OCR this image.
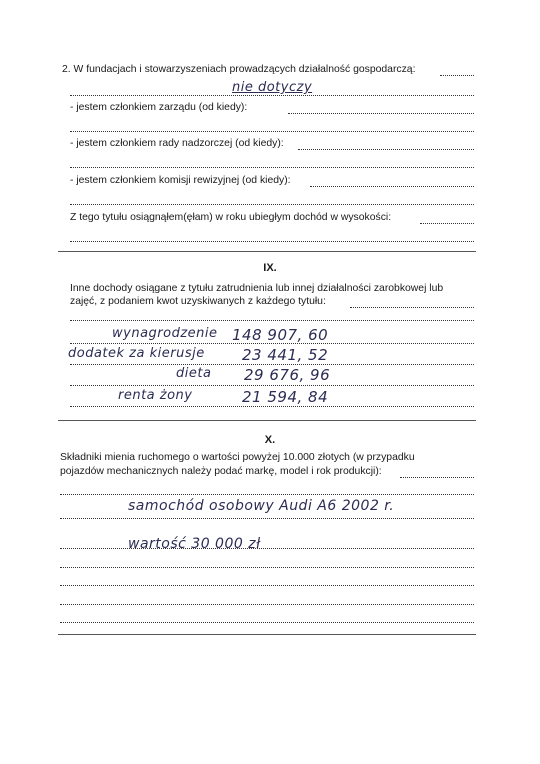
2. W fundacjach i stowarzyszeniach prowadzących działalność gospodarczą:
nie dotyczy
- jestem członkiem zarządu (od kiedy):
- jestem członkiem rady nadzorczej (od kiedy):
- jestem członkiem komisji rewizyjnej (od kiedy):
Z tego tytułu osiągnąłem(ęłam) w roku ubiegłym dochód w wysokości:
IX.
Inne dochody osiągane z tytułu zatrudnienia lub innej działalności zarobkowej lub
zajęć, z podaniem kwot uzyskiwanych z każdego tytułu:
wynagrodzenie 148 907, 60
dodatek za kierusje 23 441, 52
dieta 29 676, 96
renta żony	21 594, 84
X.
Składniki mienia ruchomego o wartości powyżej 10.000 złotych (w przypadku
pojazdów mechanicznych należy podać markę, model i rok produkcji):
samochód osobowy Audi A6 2002 r.
wartość 30 000 zł
